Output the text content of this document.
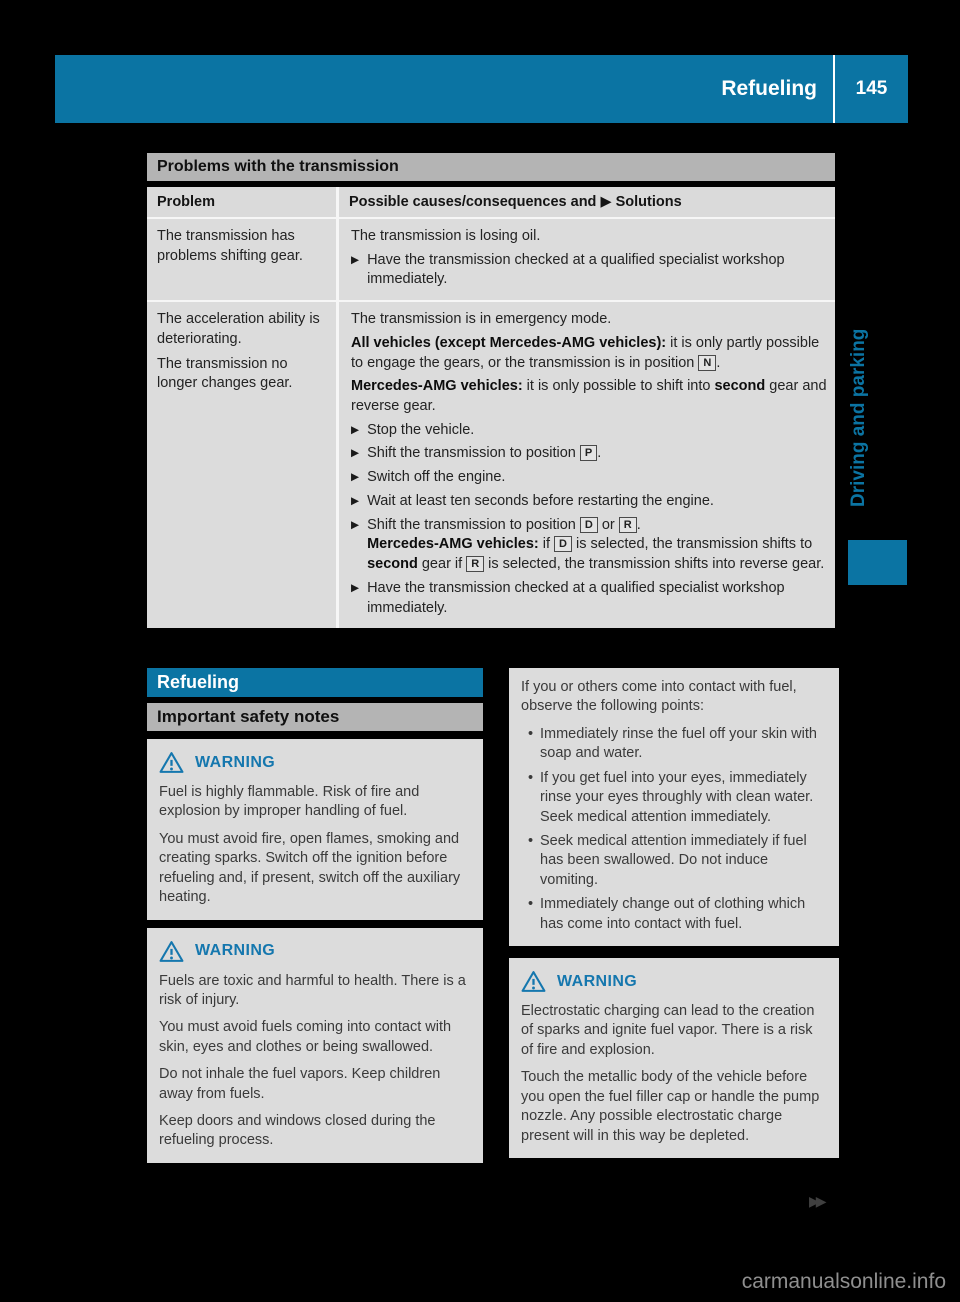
Refueling	145
Problems with the transmission
Problem	Possible causes/consequences and ▶ Solutions
The transmission has problems shifting gear.
The transmission is losing oil.
▶ Have the transmission checked at a qualified specialist workshop immediately.
The acceleration ability is deteriorating.
The transmission no longer changes gear.
The transmission is in emergency mode.
All vehicles (except Mercedes-AMG vehicles): it is only partly possible to engage the gears, or the transmission is in position N .
Mercedes-AMG vehicles: it is only possible to shift into second gear and reverse gear.
▶ Stop the vehicle.
▶ Shift the transmission to position P .
▶ Switch off the engine.
▶ Wait at least ten seconds before restarting the engine.
▶ Shift the transmission to position D or R .
Mercedes-AMG vehicles: if D is selected, the transmission shifts to second gear if R is selected, the transmission shifts into reverse gear.
▶ Have the transmission checked at a qualified specialist workshop immediately.
Refueling
Important safety notes
WARNING

Fuel is highly flammable. Risk of fire and explosion by improper handling of fuel.

You must avoid fire, open flames, smoking and creating sparks. Switch off the ignition before refueling and, if present, switch off the auxiliary heating.

WARNING

Fuels are toxic and harmful to health. There is a risk of injury.

You must avoid fuels coming into contact with skin, eyes and clothes or being swallowed.

Do not inhale the fuel vapors. Keep children away from fuels.

Keep doors and windows closed during the refueling process.

If you or others come into contact with fuel, observe the following points:

• Immediately rinse the fuel off your skin with soap and water.
• If you get fuel into your eyes, immediately rinse your eyes throughly with clean water. Seek medical attention immediately.
• Seek medical attention immediately if fuel has been swallowed. Do not induce vomiting.
• Immediately change out of clothing which has come into contact with fuel.
WARNING

Electrostatic charging can lead to the creation of sparks and ignite fuel vapor. There is a risk of fire and explosion.

Touch the metallic body of the vehicle before you open the fuel filler cap or handle the pump nozzle. Any possible electrostatic charge present will in this way be depleted.

Driving and parking
▶▶
carmanualsonline.info
